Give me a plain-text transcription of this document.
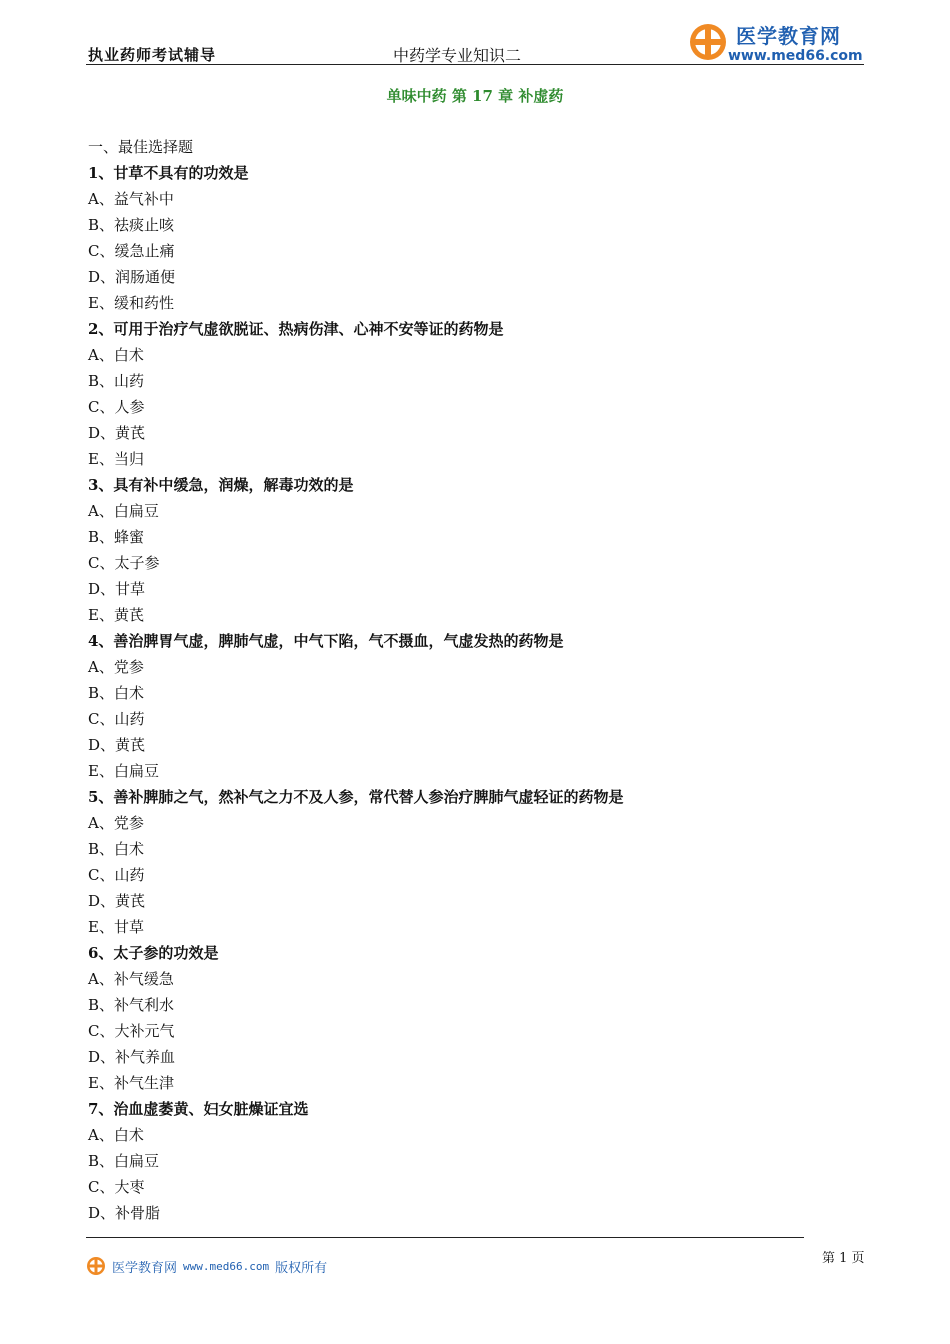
执业药师考试辅导	中药学专业知识二
医学教育网
www.med66.com
单味中药 第 17 章 补虚药
一、最佳选择题
1、甘草不具有的功效是
A、益气补中
B、祛痰止咳
C、缓急止痛
D、润肠通便
E、缓和药性
2、可用于治疗气虚欲脱证、热病伤津、心神不安等证的药物是
A、白术
B、山药
C、人参
D、黄芪
E、当归
3、具有补中缓急，润燥，解毒功效的是
A、白扁豆
B、蜂蜜
C、太子参
D、甘草
E、黄芪
4、善治脾胃气虚，脾肺气虚，中气下陷，气不摄血，气虚发热的药物是
A、党参
B、白术
C、山药
D、黄芪
E、白扁豆
5、善补脾肺之气，然补气之力不及人参，常代替人参治疗脾肺气虚轻证的药物是
A、党参
B、白术
C、山药
D、黄芪
E、甘草
6、太子参的功效是
A、补气缓急
B、补气利水
C、大补元气
D、补气养血
E、补气生津
7、治血虚萎黄、妇女脏燥证宜选
A、白术
B、白扁豆
C、大枣
D、补骨脂
医学教育网 www.med66.com 版权所有
第 1 页
